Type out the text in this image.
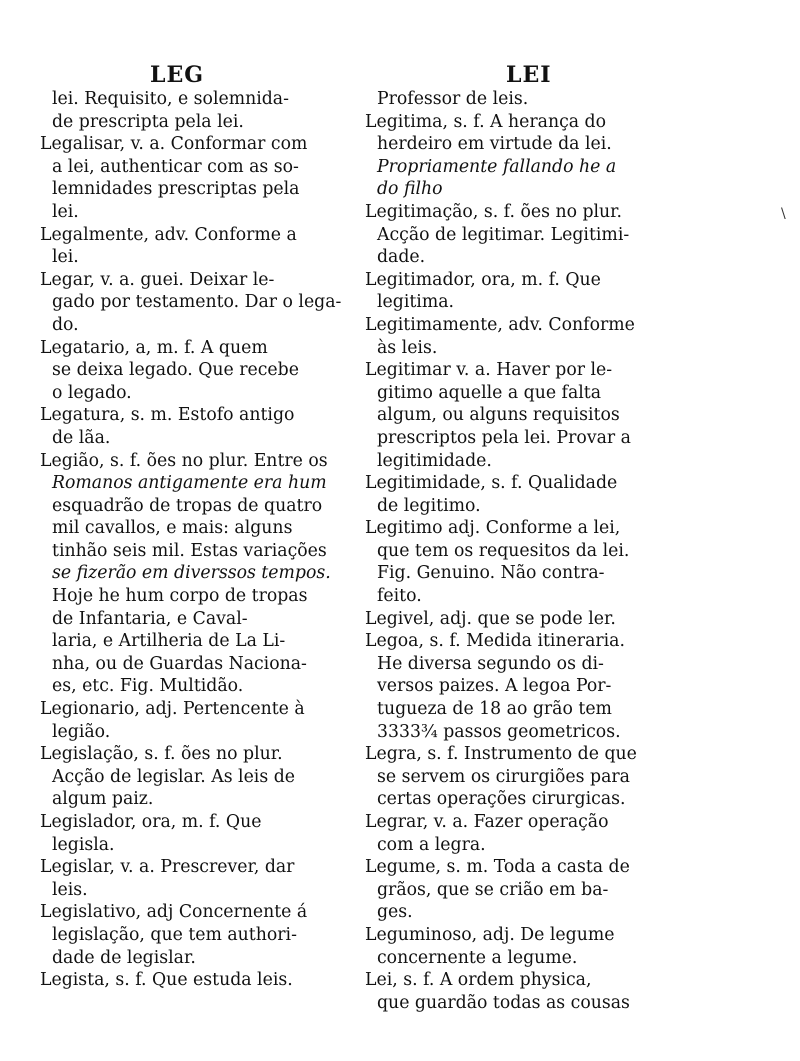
LEG	LEI
lei. Requisito, e solemnida-
de prescripta pela lei.
Legalisar, v. a. Conformar com
a lei, authenticar com as so-
lemnidades prescriptas pela
lei.
Legalmente, adv. Conforme a
lei.
Legar, v. a. guei. Deixar le-
gado por testamento. Dar o lega-
do.
Legatario, a, m. f. A quem
se deixa legado. Que recebe
o legado.
Legatura, s. m. Estofo antigo
de lãa.
Legião, s. f. ões no plur. Entre os
Romanos antigamente era hum
esquadrão de tropas de quatro
mil cavallos, e mais: alguns
tinhão seis mil. Estas variações
se fizerão em diverssos tempos.
Hoje he hum corpo de tropas
de Infantaria, e Caval-
laria, e Artilheria de La Li-
nha, ou de Guardas Naciona-
es, etc. Fig. Multidão.
Legionario, adj. Pertencente à
legião.
Legislação, s. f. ões no plur.
Acção de legislar. As leis de
algum paiz.
Legislador, ora, m. f. Que
legisla.
Legislar, v. a. Prescrever, dar
leis.
Legislativo, adj Concernente á
legislação, que tem authori-
dade de legislar.
Legista, s. f. Que estuda leis.
Professor de leis.
Legitima, s. f. A herança do
herdeiro em virtude da lei.
Propriamente fallando he a
do filho
Legitimação, s. f. ões no plur.
Acção de legitimar. Legitimi-
dade.
Legitimador, ora, m. f. Que
legitima.
Legitimamente, adv. Conforme
às leis.
Legitimar v. a. Haver por le-
gitimo aquelle a que falta
algum, ou alguns requisitos
prescriptos pela lei. Provar a
legitimidade.
Legitimidade, s. f. Qualidade
de legitimo.
Legitimo adj. Conforme a lei,
que tem os requesitos da lei.
Fig. Genuino. Não contra-
feito.
Legivel, adj. que se pode ler.
Legoa, s. f. Medida itineraria.
He diversa segundo os di-
versos paizes. A legoa Por-
tugueza de 18 ao grão tem
3333¾ passos geometricos.
Legra, s. f. Instrumento de que
se servem os cirurgiões para
certas operações cirurgicas.
Legrar, v. a. Fazer operação
com a legra.
Legume, s. m. Toda a casta de
grãos, que se crião em ba-
ges.
Leguminoso, adj. De legume
concernente a legume.
Lei, s. f. A ordem physica,
que guardão todas as cousas
\
